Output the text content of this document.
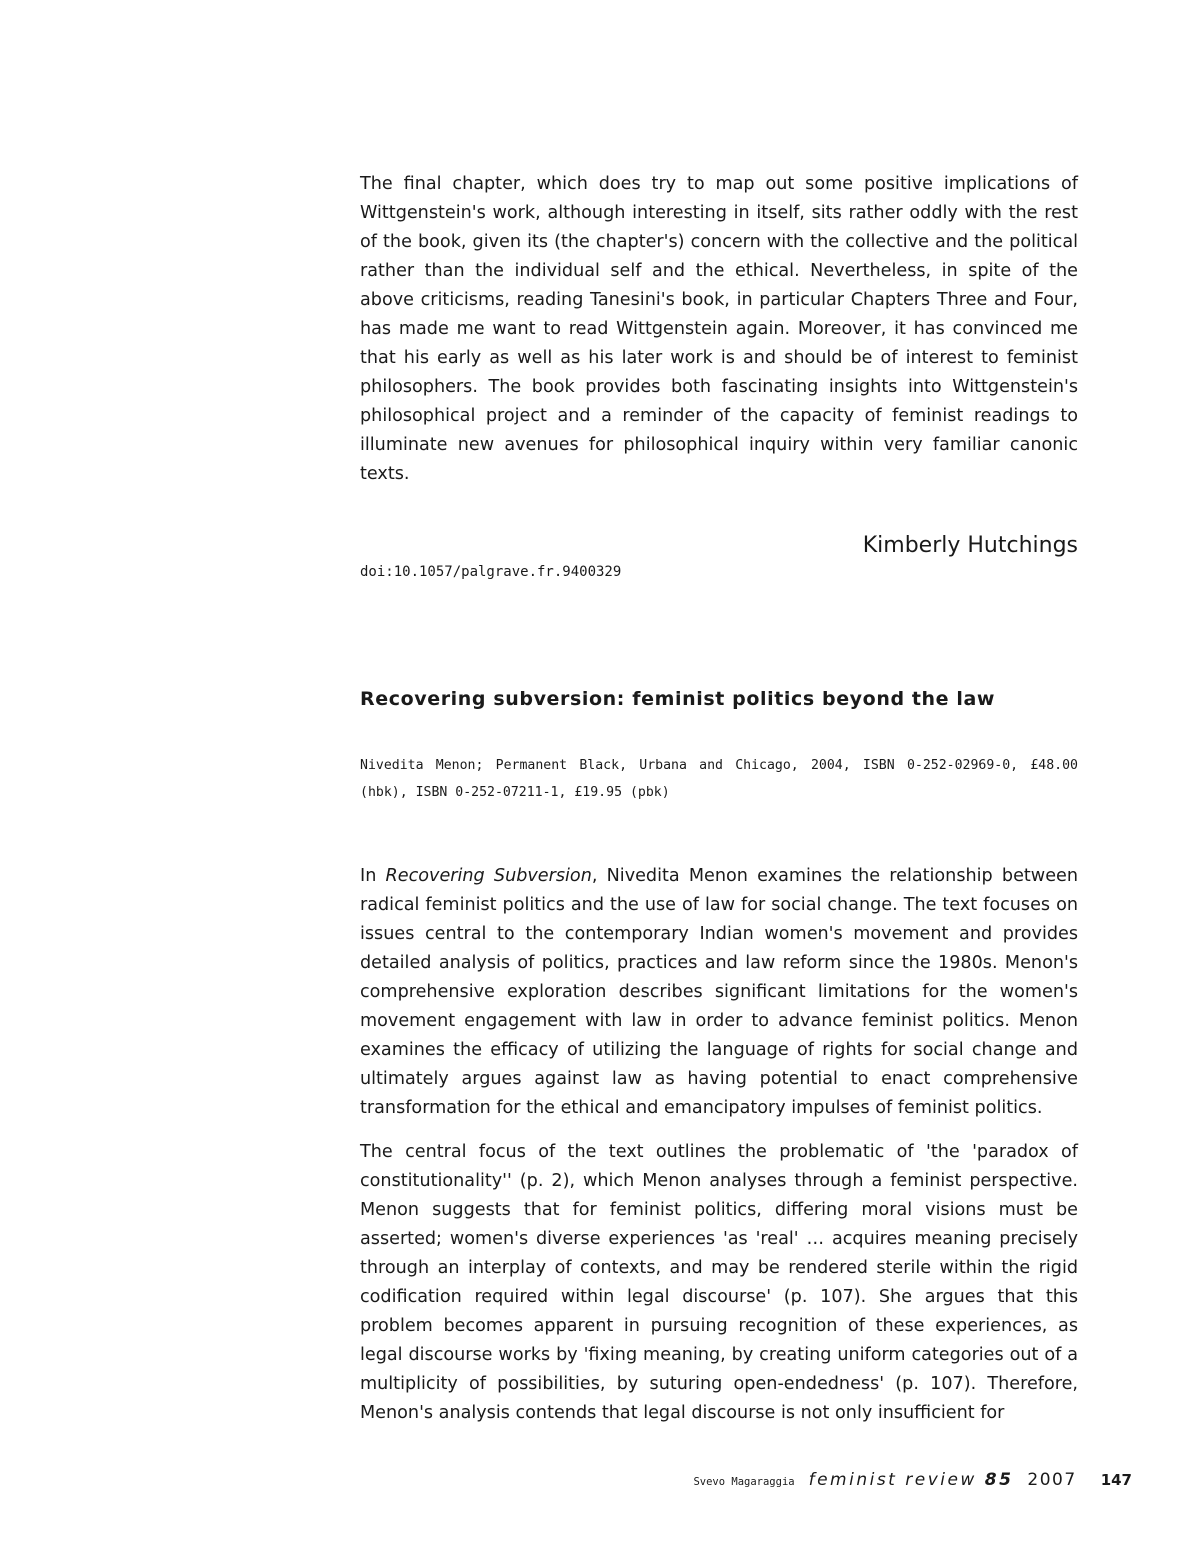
The final chapter, which does try to map out some positive implications of Wittgenstein's work, although interesting in itself, sits rather oddly with the rest of the book, given its (the chapter's) concern with the collective and the political rather than the individual self and the ethical. Nevertheless, in spite of the above criticisms, reading Tanesini's book, in particular Chapters Three and Four, has made me want to read Wittgenstein again. Moreover, it has convinced me that his early as well as his later work is and should be of interest to feminist philosophers. The book provides both fascinating insights into Wittgenstein's philosophical project and a reminder of the capacity of feminist readings to illuminate new avenues for philosophical inquiry within very familiar canonic texts.

Kimberly Hutchings

doi:10.1057/palgrave.fr.9400329

Recovering subversion: feminist politics beyond the law

Nivedita Menon; Permanent Black, Urbana and Chicago, 2004, ISBN 0-252-02969-0, £48.00 (hbk), ISBN 0-252-07211-1, £19.95 (pbk)

In Recovering Subversion, Nivedita Menon examines the relationship between radical feminist politics and the use of law for social change. The text focuses on issues central to the contemporary Indian women's movement and provides detailed analysis of politics, practices and law reform since the 1980s. Menon's comprehensive exploration describes significant limitations for the women's movement engagement with law in order to advance feminist politics. Menon examines the efficacy of utilizing the language of rights for social change and ultimately argues against law as having potential to enact comprehensive transformation for the ethical and emancipatory impulses of feminist politics.

The central focus of the text outlines the problematic of 'the 'paradox of constitutionality'' (p. 2), which Menon analyses through a feminist perspective. Menon suggests that for feminist politics, differing moral visions must be asserted; women's diverse experiences 'as 'real' … acquires meaning precisely through an interplay of contexts, and may be rendered sterile within the rigid codification required within legal discourse' (p. 107). She argues that this problem becomes apparent in pursuing recognition of these experiences, as legal discourse works by 'fixing meaning, by creating uniform categories out of a multiplicity of possibilities, by suturing open-endedness' (p. 107). Therefore, Menon's analysis contends that legal discourse is not only insufficient for

Svevo Magaraggia feminist review 85 2007 147
